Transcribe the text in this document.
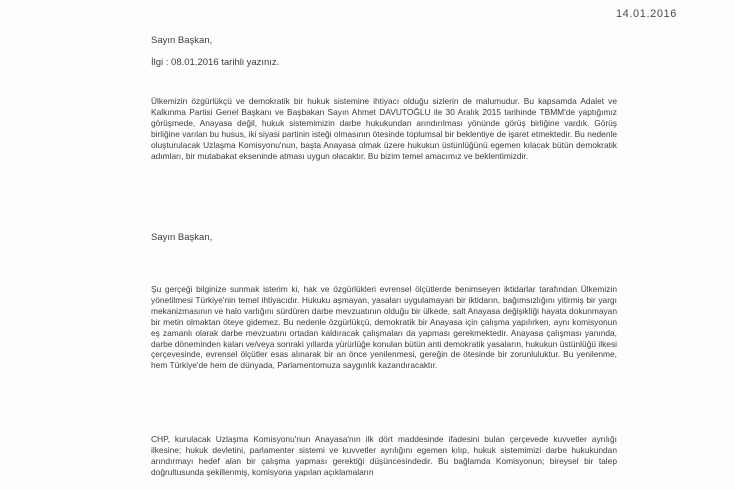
14.01.2016
Sayın Başkan,
İlgi : 08.01.2016 tarihli yazınız.

Ülkemizin özgürlükçü ve demokratik bir hukuk sistemine ihtiyacı olduğu sizlerin de malumudur. Bu kapsamda Adalet ve Kalkınma Partisi Genel Başkanı ve Başbakan Sayın Ahmet DAVUTOĞLU ile 30 Aralık 2015 tarihinde TBMM'de yaptığımız görüşmede, Anayasa değil, hukuk sistemimizin darbe hukukundan arındırılması yönünde görüş birliğine vardık. Görüş birliğine varılan bu husus, iki siyasi partinin isteği olmasının ötesinde toplumsal bir beklentiye de işaret etmektedir. Bu nedenle oluşturulacak Uzlaşma Komisyonu'nun, başta Anayasa olmak üzere hukukun üstünlüğünü egemen kılacak bütün demokratik adımları, bir mutabakat ekseninde atması uygun olacaktır. Bu bizim temel amacımız ve beklentimizdir.

Sayın Başkan,

Şu gerçeği bilginize sunmak isterim ki, hak ve özgürlükleri evrensel ölçütlerde benimseyen iktidarlar tarafından Ülkemizin yönetilmesi Türkiye'nin temel ihtiyacıdır. Hukuku aşmayan, yasaları uygulamayan bir iktidarın, bağımsızlığını yitirmiş bir yargı mekanizmasının ve halo varlığını sürdüren darbe mevzuatının olduğu bir ülkede, salt Anayasa değişikliği hayata dokunmayan bir metin olmaktan öteye gidemez. Bu nedenle özgürlükçü, demokratik bir Anayasa için çalışma yapılırken, aynı komisyonun eş zamanlı olarak darbe mevzuatını ortadan kaldıracak çalışmaları da yapması gerekmektedir. Anayasa çalışması yanında, darbe döneminden kalan ve/veya sonraki yıllarda yürürlüğe konulan bütün anti demokratik yasaların, hukukun üstünlüğü ilkesi çerçevesinde, evrensel ölçütler esas alınarak bir an önce yenilenmesi, gereğin de ötesinde bir zorunluluktur. Bu yenilenme, hem Türkiye'de hem de dünyada, Parlamentomuza saygınlık kazandıracaktır.

CHP, kurulacak Uzlaşma Komisyonu'nun Anayasa'nın ilk dört maddesinde ifadesini bulan çerçevede kuvvetler ayrılığı ilkesine; hukuk devletini, parlamenter sistemi ve kuvvetler ayrılığını egemen kılıp, hukuk sistemimizi darbe hukukundan arındırmayı hedef alan bir çalışma yapması gerektiği düşüncesindedir. Bu bağlamda Komisyonun; bireysel bir talep doğrultusunda şekillenmiş, komisyona yapılan açıklamaların
